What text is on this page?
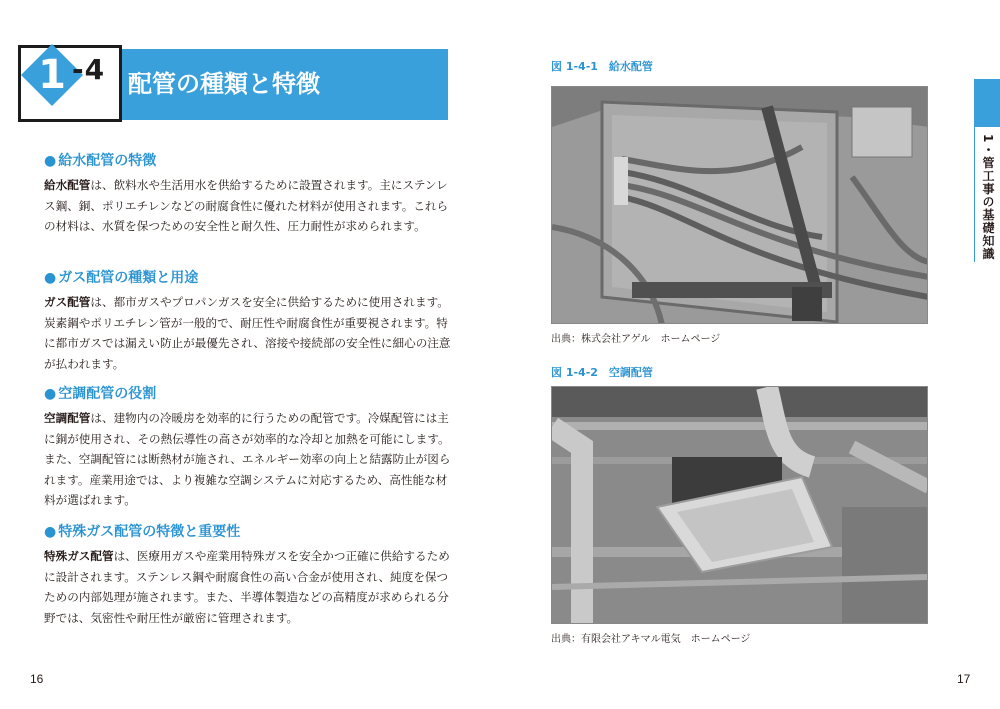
1 -4 配管の種類と特徴

● 給水配管の特徴

給水配管は、飲料水や生活用水を供給するために設置されます。主にステンレス鋼、銅、ポリエチレンなどの耐腐食性に優れた材料が使用されます。これらの材料は、水質を保つための安全性と耐久性、圧力耐性が求められます。

● ガス配管の種類と用途

ガス配管は、都市ガスやプロパンガスを安全に供給するために使用されます。炭素鋼やポリエチレン管が一般的で、耐圧性や耐腐食性が重要視されます。特に都市ガスでは漏えい防止が最優先され、溶接や接続部の安全性に細心の注意が払われます。

● 空調配管の役割

空調配管は、建物内の冷暖房を効率的に行うための配管です。冷媒配管には主に銅が使用され、その熱伝導性の高さが効率的な冷却と加熱を可能にします。また、空調配管には断熱材が施され、エネルギー効率の向上と結露防止が図られます。産業用途では、より複雑な空調システムに対応するため、高性能な材料が選ばれます。

● 特殊ガス配管の特徴と重要性

特殊ガス配管は、医療用ガスや産業用特殊ガスを安全かつ正確に供給するために設計されます。ステンレス鋼や耐腐食性の高い合金が使用され、純度を保つための内部処理が施されます。また、半導体製造などの高精度が求められる分野では、気密性や耐圧性が厳密に管理されます。

図 1-4-1　給水配管
出典：株式会社アゲル　ホームページ
図 1-4-2　空調配管
出典：有限会社アキマル電気　ホームページ
1・管工事の基礎知識
16	17
